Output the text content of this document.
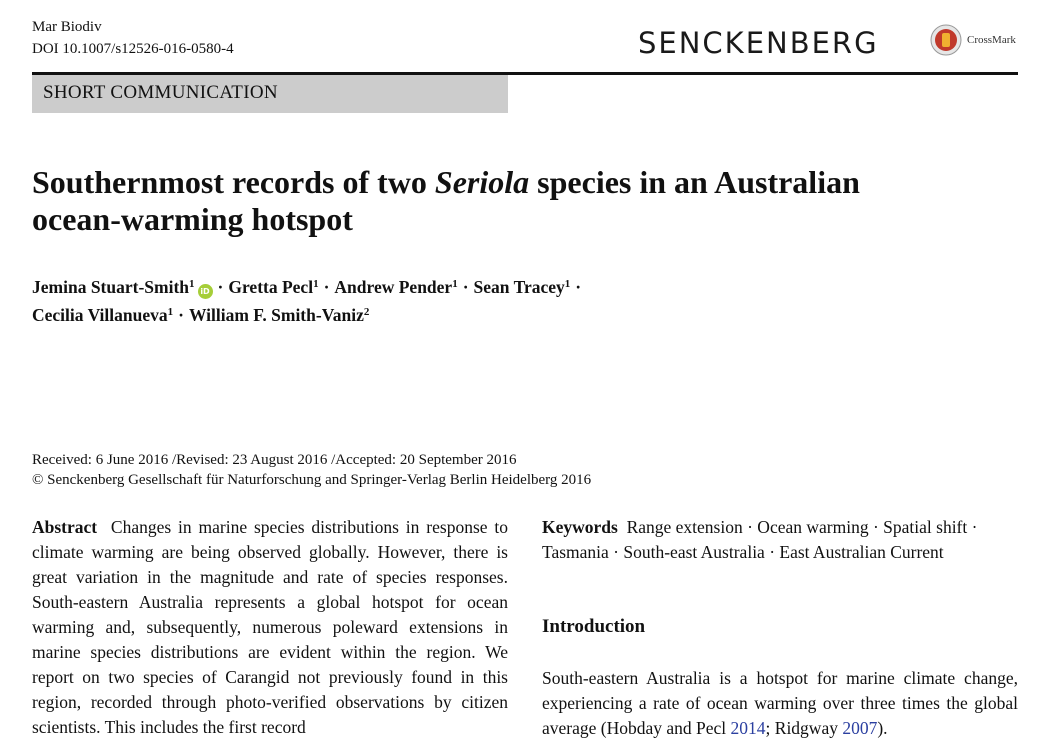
Mar Biodiv
DOI 10.1007/s12526-016-0580-4	SENCKENBERG	CrossMark
SHORT COMMUNICATION
Southernmost records of two Seriola species in an Australian
ocean-warming hotspot
Jemina Stuart-Smith$^1$iD · Gretta Pecl$^1$ · Andrew Pender$^1$ · Sean Tracey$^1$ ·
Cecilia Villanueva$^1$ · William F. Smith-Vaniz$^2$
Received: 6 June 2016 /Revised: 23 August 2016 /Accepted: 20 September 2016
© Senckenberg Gesellschaft für Naturforschung and Springer-Verlag Berlin Heidelberg 2016
Abstract Changes in marine species distributions in response to climate warming are being observed globally. However, there is great variation in the magnitude and rate of species responses. South-eastern Australia represents a global hotspot for ocean warming and, subsequently, numerous poleward extensions in marine species distributions are evident within the region. We report on two species of Carangid not previously found in this region, recorded through photo-verified observations by citizen scientists. This includes the first record
Keywords Range extension · Ocean warming · Spatial shift ·
Tasmania · South-east Australia · East Australian Current
Introduction
South-eastern Australia is a hotspot for marine climate change, experiencing a rate of ocean warming over three times the global average (Hobday and Pecl 2014; Ridgway 2007).
